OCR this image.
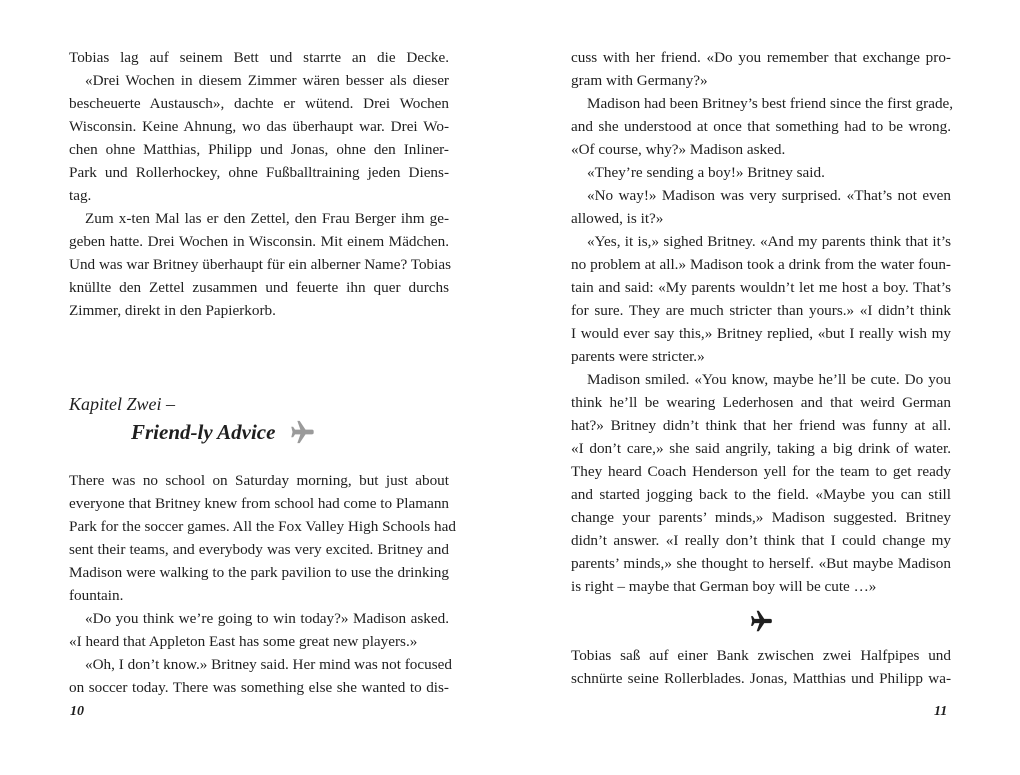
Tobias lag auf seinem Bett und starrte an die Decke.
«Drei Wochen in diesem Zimmer wären besser als dieser
bescheuerte Austausch», dachte er wütend. Drei Wochen
Wisconsin. Keine Ahnung, wo das überhaupt war. Drei Wo-
chen ohne Matthias, Philipp und Jonas, ohne den Inliner-
Park und Rollerhockey, ohne Fußballtraining jeden Diens-
tag.
Zum x-ten Mal las er den Zettel, den Frau Berger ihm ge-
geben hatte. Drei Wochen in Wisconsin. Mit einem Mädchen.
Und was war Britney überhaupt für ein alberner Name? Tobias
knüllte den Zettel zusammen und feuerte ihn quer durchs
Zimmer, direkt in den Papierkorb.
Kapitel Zwei –
Friend-ly Advice
There was no school on Saturday morning, but just about
everyone that Britney knew from school had come to Plamann
Park for the soccer games. All the Fox Valley High Schools had
sent their teams, and everybody was very excited. Britney and
Madison were walking to the park pavilion to use the drinking
fountain.
«Do you think we’re going to win today?» Madison asked.
«I heard that Appleton East has some great new players.»
«Oh, I don’t know.» Britney said. Her mind was not focused
on soccer today. There was something else she wanted to dis-
cuss with her friend. «Do you remember that exchange pro-
gram with Germany?»
Madison had been Britney’s best friend since the first grade,
and she understood at once that something had to be wrong.
«Of course, why?» Madison asked.
«They’re sending a boy!» Britney said.
«No way!» Madison was very surprised. «That’s not even
allowed, is it?»
«Yes, it is,» sighed Britney. «And my parents think that it’s
no problem at all.» Madison took a drink from the water foun-
tain and said: «My parents wouldn’t let me host a boy. That’s
for sure. They are much stricter than yours.» «I didn’t think
I would ever say this,» Britney replied, «but I really wish my
parents were stricter.»
Madison smiled. «You know, maybe he’ll be cute. Do you
think he’ll be wearing Lederhosen and that weird German
hat?» Britney didn’t think that her friend was funny at all.
«I don’t care,» she said angrily, taking a big drink of water.
They heard Coach Henderson yell for the team to get ready
and started jogging back to the field. «Maybe you can still
change your parents’ minds,» Madison suggested. Britney
didn’t answer. «I really don’t think that I could change my
parents’ minds,» she thought to herself. «But maybe Madison
is right – maybe that German boy will be cute …»
Tobias saß auf einer Bank zwischen zwei Halfpipes und
schnürte seine Rollerblades. Jonas, Matthias und Philipp wa-
10	11
